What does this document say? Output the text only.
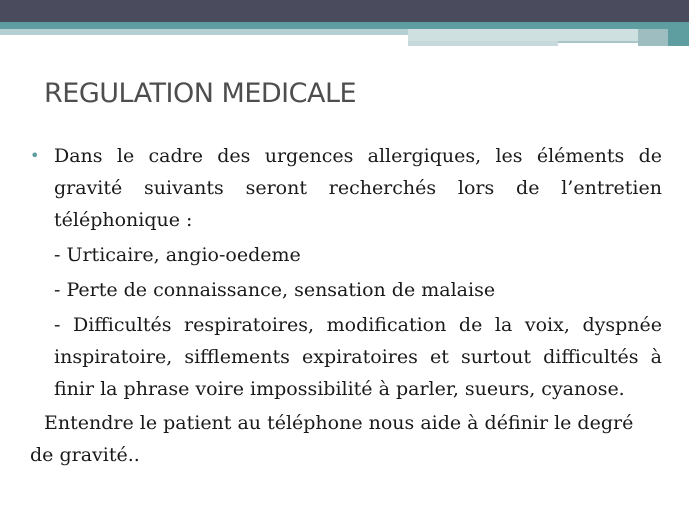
REGULATION MEDICALE
• Dans le cadre des urgences allergiques, les éléments de gravité suivants seront recherchés lors de l’entretien téléphonique :

- Urticaire, angio-oedeme

- Perte de connaissance, sensation de malaise

- Difficultés respiratoires, modification de la voix, dyspnée inspiratoire, sifflements expiratoires et surtout difficultés à finir la phrase voire impossibilité à parler, sueurs, cyanose.

Entendre le patient au téléphone nous aide à définir le degré de gravité..
